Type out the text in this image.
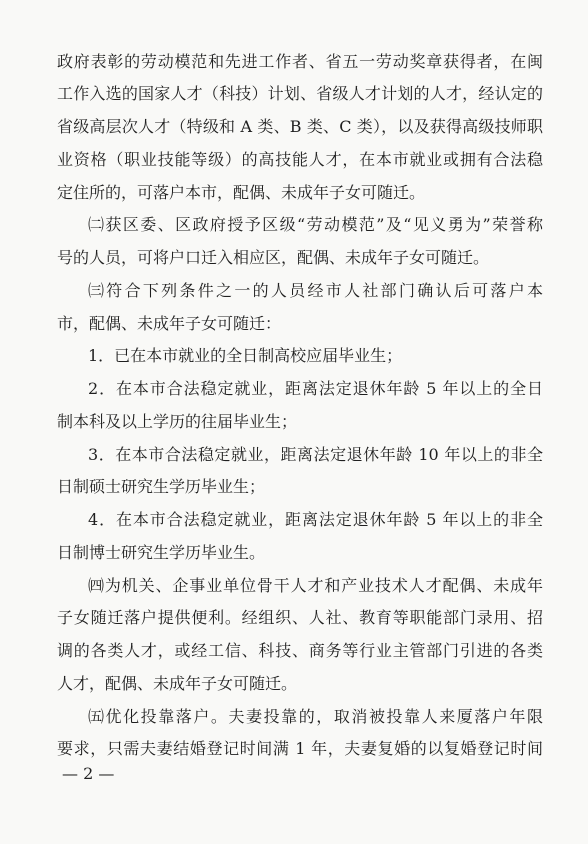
政府表彰的劳动模范和先进工作者、省五一劳动奖章获得者，在闽
工作入选的国家人才（科技）计划、省级人才计划的人才，经认定的
省级高层次人才（特级和 A 类、B 类、C 类），以及获得高级技师职
业资格（职业技能等级）的高技能人才，在本市就业或拥有合法稳
定住所的，可落户本市，配偶、未成年子女可随迁。
㈡获区委、区政府授予区级“劳动模范”及“见义勇为”荣誉称
号的人员，可将户口迁入相应区，配偶、未成年子女可随迁。
㈢符合下列条件之一的人员经市人社部门确认后可落户本
市，配偶、未成年子女可随迁：
1．已在本市就业的全日制高校应届毕业生；
2．在本市合法稳定就业，距离法定退休年龄 5 年以上的全日
制本科及以上学历的往届毕业生；
3．在本市合法稳定就业，距离法定退休年龄 10 年以上的非全
日制硕士研究生学历毕业生；
4．在本市合法稳定就业，距离法定退休年龄 5 年以上的非全
日制博士研究生学历毕业生。
㈣为机关、企事业单位骨干人才和产业技术人才配偶、未成年
子女随迁落户提供便利。经组织、人社、教育等职能部门录用、招
调的各类人才，或经工信、科技、商务等行业主管部门引进的各类
人才，配偶、未成年子女可随迁。
㈤优化投靠落户。夫妻投靠的，取消被投靠人来厦落户年限
要求，只需夫妻结婚登记时间满 1 年，夫妻复婚的以复婚登记时间
— 2 —
